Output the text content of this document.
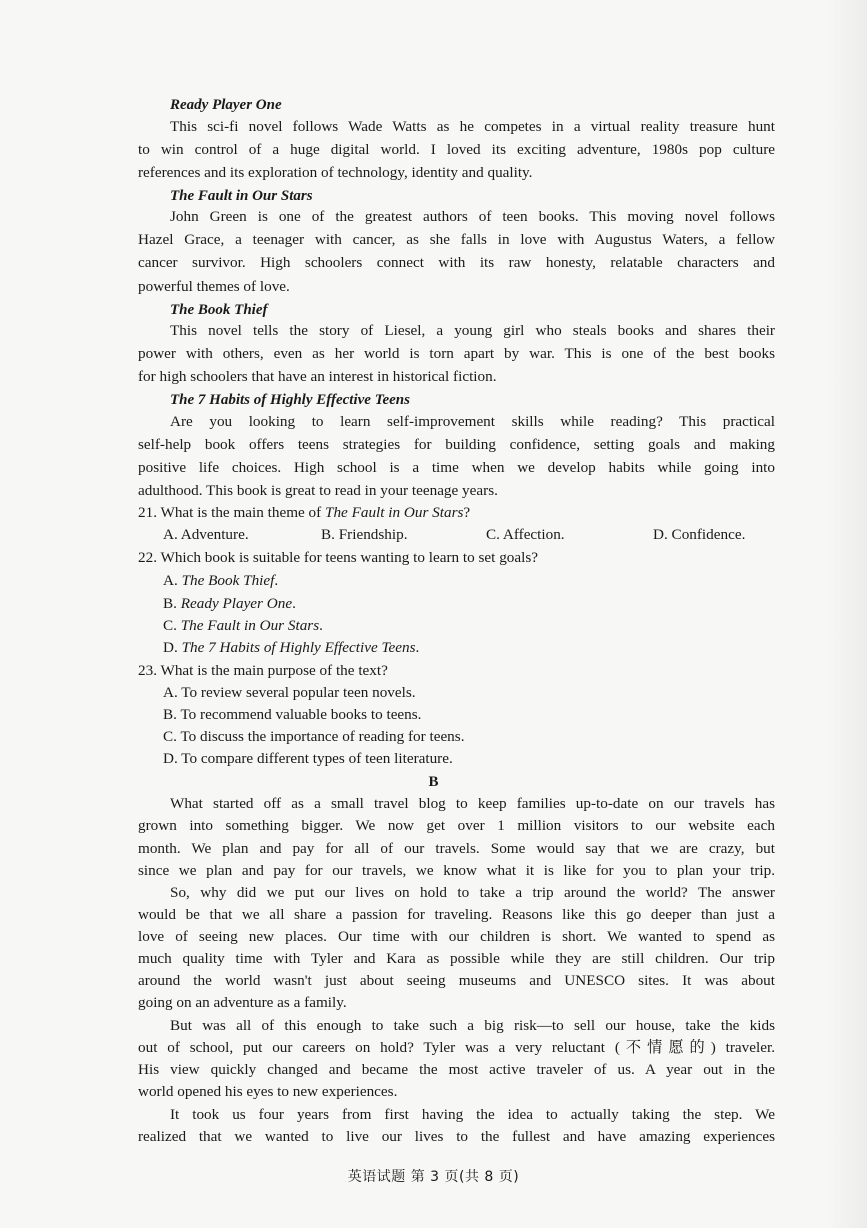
Ready Player One
This sci-fi novel follows Wade Watts as he competes in a virtual reality treasure hunt
to win control of a huge digital world. I loved its exciting adventure, 1980s pop culture
references and its exploration of technology, identity and quality.
The Fault in Our Stars
John Green is one of the greatest authors of teen books. This moving novel follows
Hazel Grace, a teenager with cancer, as she falls in love with Augustus Waters, a fellow
cancer survivor. High schoolers connect with its raw honesty, relatable characters and
powerful themes of love.
The Book Thief
This novel tells the story of Liesel, a young girl who steals books and shares their
power with others, even as her world is torn apart by war. This is one of the best books
for high schoolers that have an interest in historical fiction.
The 7 Habits of Highly Effective Teens
Are you looking to learn self-improvement skills while reading? This practical
self-help book offers teens strategies for building confidence, setting goals and making
positive life choices. High school is a time when we develop habits while going into
adulthood. This book is great to read in your teenage years.
21. What is the main theme of The Fault in Our Stars?
A. Adventure.	B. Friendship.	C. Affection.	D. Confidence.
22. Which book is suitable for teens wanting to learn to set goals?
A. The Book Thief.
B. Ready Player One.
C. The Fault in Our Stars.
D. The 7 Habits of Highly Effective Teens.
23. What is the main purpose of the text?
A. To review several popular teen novels.
B. To recommend valuable books to teens.
C. To discuss the importance of reading for teens.
D. To compare different types of teen literature.
B
What started off as a small travel blog to keep families up-to-date on our travels has
grown into something bigger. We now get over 1 million visitors to our website each
month. We plan and pay for all of our travels. Some would say that we are crazy, but
since we plan and pay for our travels, we know what it is like for you to plan your trip.
So, why did we put our lives on hold to take a trip around the world? The answer
would be that we all share a passion for traveling. Reasons like this go deeper than just a
love of seeing new places. Our time with our children is short. We wanted to spend as
much quality time with Tyler and Kara as possible while they are still children. Our trip
around the world wasn't just about seeing museums and UNESCO sites. It was about
going on an adventure as a family.
But was all of this enough to take such a big risk—to sell our house, take the kids
out of school, put our careers on hold? Tyler was a very reluctant (不情愿的) traveler.
His view quickly changed and became the most active traveler of us. A year out in the
world opened his eyes to new experiences.
It took us four years from first having the idea to actually taking the step. We
realized that we wanted to live our lives to the fullest and have amazing experiences
英语试题 第 3 页(共 8 页)
